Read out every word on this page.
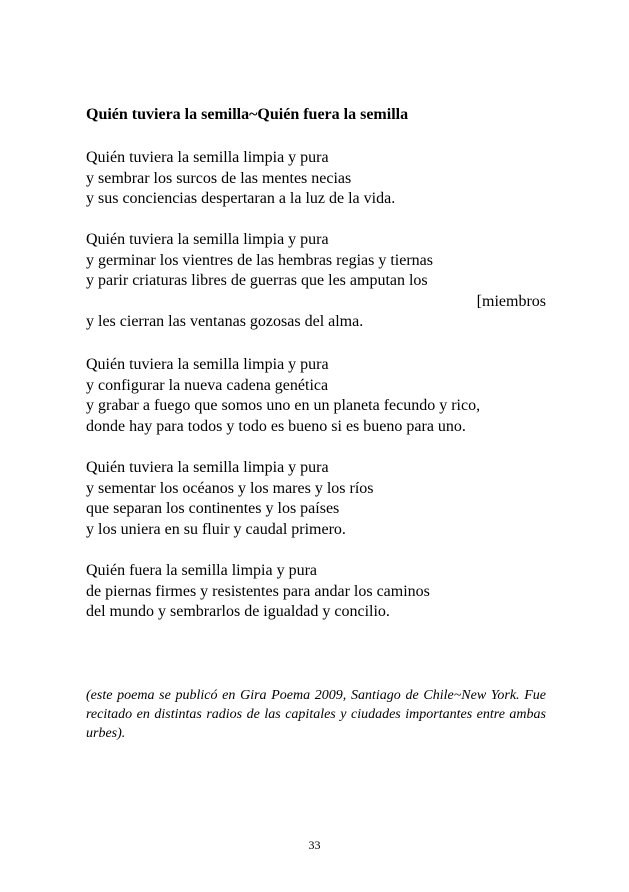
Quién tuviera la semilla~Quién fuera la semilla
Quién tuviera la semilla limpia y pura
y sembrar los surcos de las mentes necias
y sus conciencias despertaran a la luz de la vida.
Quién tuviera la semilla limpia y pura
y germinar los vientres de las hembras regias y tiernas
y parir criaturas libres de guerras que les amputan los
[miembros
y les cierran las ventanas gozosas del alma.
Quién tuviera la semilla limpia y pura
y configurar la nueva cadena genética
y grabar a fuego que somos uno en un planeta fecundo y rico,
donde hay para todos y todo es bueno si es bueno para uno.
Quién tuviera la semilla limpia y pura
y sementar los océanos y los mares y los ríos
que separan los continentes y los países
y los uniera en su fluir y caudal primero.
Quién fuera la semilla limpia y pura
de piernas firmes y resistentes para andar los caminos
del mundo y sembrarlos de igualdad y concilio.
(este poema se publicó en Gira Poema 2009, Santiago de Chile~New York. Fue recitado en distintas radios de las capitales y ciudades importantes entre ambas urbes).
33
